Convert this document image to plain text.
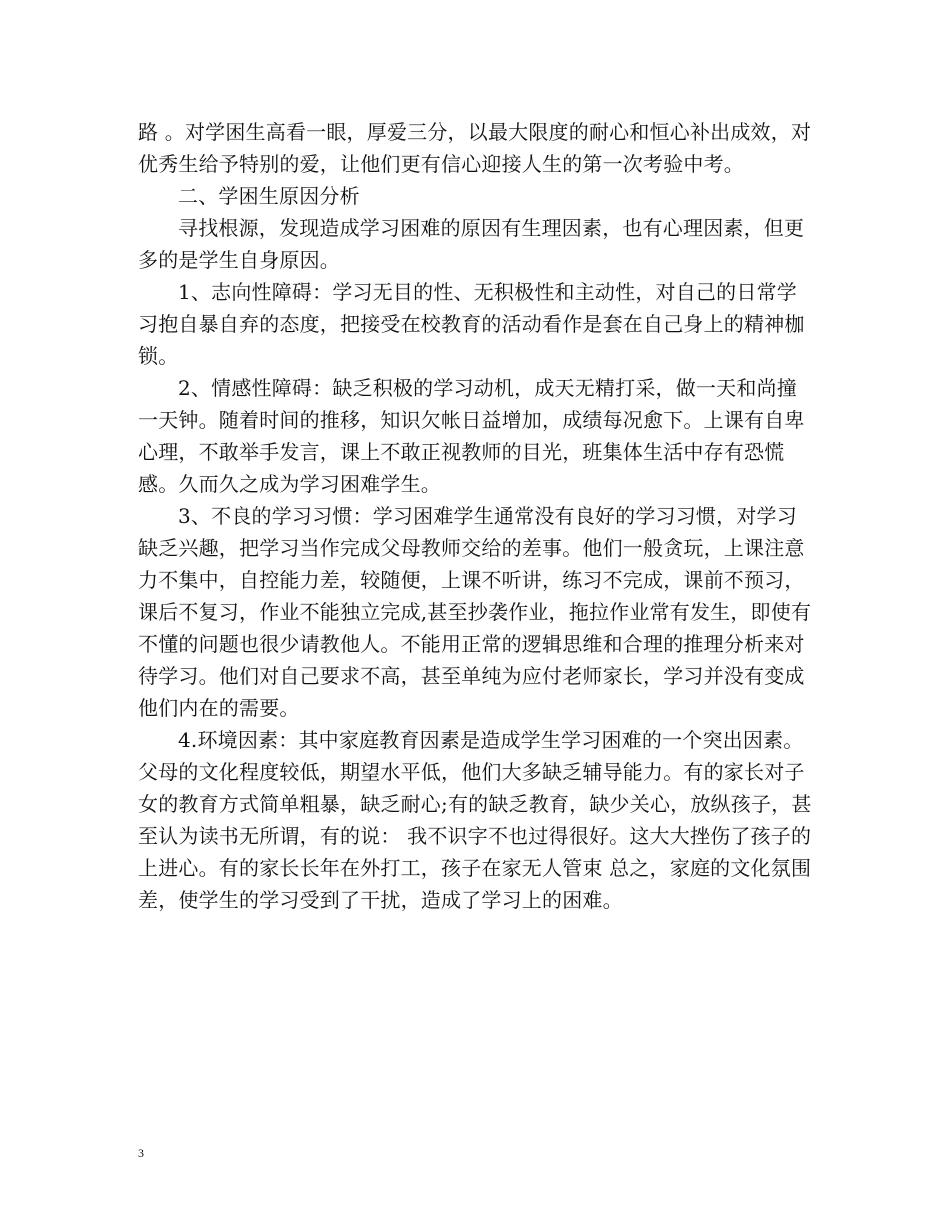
路 。对学困生高看一眼，厚爱三分，以最大限度的耐心和恒心补出成效，对优秀生给予特别的爱，让他们更有信心迎接人生的第一次考验中考。

二、学困生原因分析

寻找根源，发现造成学习困难的原因有生理因素，也有心理因素，但更多的是学生自身原因。

1、志向性障碍：学习无目的性、无积极性和主动性，对自己的日常学习抱自暴自弃的态度，把接受在校教育的活动看作是套在自己身上的精神枷锁。

2、情感性障碍：缺乏积极的学习动机，成天无精打采，做一天和尚撞一天钟。随着时间的推移，知识欠帐日益增加，成绩每况愈下。上课有自卑心理，不敢举手发言，课上不敢正视教师的目光，班集体生活中存有恐慌感。久而久之成为学习困难学生。

3、不良的学习习惯：学习困难学生通常没有良好的学习习惯，对学习缺乏兴趣，把学习当作完成父母教师交给的差事。他们一般贪玩，上课注意力不集中，自控能力差，较随便，上课不听讲，练习不完成，课前不预习，课后不复习，作业不能独立完成,甚至抄袭作业，拖拉作业常有发生，即使有不懂的问题也很少请教他人。不能用正常的逻辑思维和合理的推理分析来对待学习。他们对自己要求不高，甚至单纯为应付老师家长，学习并没有变成他们内在的需要。

4.环境因素：其中家庭教育因素是造成学生学习困难的一个突出因素。父母的文化程度较低，期望水平低，他们大多缺乏辅导能力。有的家长对子女的教育方式简单粗暴，缺乏耐心;有的缺乏教育，缺少关心，放纵孩子，甚至认为读书无所谓，有的说： 我不识字不也过得很好。这大大挫伤了孩子的上进心。有的家长长年在外打工，孩子在家无人管束 总之，家庭的文化氛围差，使学生的学习受到了干扰，造成了学习上的困难。

3
